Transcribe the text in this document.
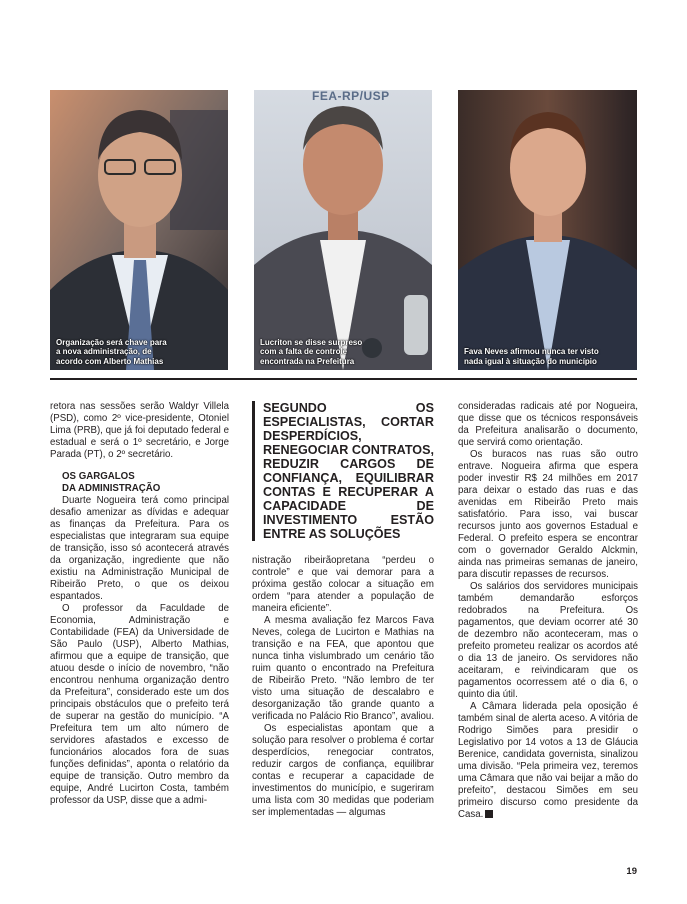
Organização será chave para
a nova administração, de
acordo com Alberto Mathias

FEA-RP/USP

Lucriton se disse surpreso
com a falta de controle
encontrada na Prefeitura

Fava Neves afirmou nunca ter visto
nada igual à situação do município

retora nas sessões serão Waldyr Villela (PSD), como 2º vice-presidente, Otoniel Lima (PRB), que já foi deputado federal e estadual e será o 1º secretário, e Jorge Parada (PT), o 2º secretário.

OS GARGALOS
DA ADMINISTRAÇÃO

Duarte Nogueira terá como principal desafio amenizar as dívidas e adequar as finanças da Prefeitura. Para os especialistas que integraram sua equipe de transição, isso só acontecerá através da organização, ingrediente que não existiu na Administração Municipal de Ribeirão Preto, o que os deixou espantados.

O professor da Faculdade de Economia, Administração e Contabilidade (FEA) da Universidade de São Paulo (USP), Alberto Mathias, afirmou que a equipe de transição, que atuou desde o início de novembro, “não encontrou nenhuma organização dentro da Prefeitura”, considerado este um dos principais obstáculos que o prefeito terá de superar na gestão do município. “A Prefeitura tem um alto número de servidores afastados e excesso de funcionários alocados fora de suas funções definidas”, aponta o relatório da equipe de transição. Outro membro da equipe, André Lucirton Costa, também professor da USP, disse que a admi-

SEGUNDO OS ESPECIALISTAS, CORTAR DESPERDÍCIOS, RENEGOCIAR CONTRATOS, REDUZIR CARGOS DE CONFIANÇA, EQUILIBRAR CONTAS E RECUPERAR A CAPACIDADE DE INVESTIMENTO ESTÃO ENTRE AS SOLUÇÕES

nistração ribeirãopretana “perdeu o controle” e que vai demorar para a próxima gestão colocar a situação em ordem “para atender a população de maneira eficiente”.

A mesma avaliação fez Marcos Fava Neves, colega de Lucirton e Mathias na transição e na FEA, que apontou que nunca tinha vislumbrado um cenário tão ruim quanto o encontrado na Prefeitura de Ribeirão Preto. “Não lembro de ter visto uma situação de descalabro e desorganização tão grande quanto a verificada no Palácio Rio Branco”, avaliou.

Os especialistas apontam que a solução para resolver o problema é cortar desperdícios, renegociar contratos, reduzir cargos de confiança, equilibrar contas e recuperar a capacidade de investimentos do município, e sugeriram uma lista com 30 medidas que poderiam ser implementadas — algumas

consideradas radicais até por Nogueira, que disse que os técnicos responsáveis da Prefeitura analisarão o documento, que servirá como orientação.

Os buracos nas ruas são outro entrave. Nogueira afirma que espera poder investir R$ 24 milhões em 2017 para deixar o estado das ruas e das avenidas em Ribeirão Preto mais satisfatório. Para isso, vai buscar recursos junto aos governos Estadual e Federal. O prefeito espera se encontrar com o governador Geraldo Alckmin, ainda nas primeiras semanas de janeiro, para discutir repasses de recursos.

Os salários dos servidores municipais também demandarão esforços redobrados na Prefeitura. Os pagamentos, que deviam ocorrer até 30 de dezembro não aconteceram, mas o prefeito prometeu realizar os acordos até o dia 13 de janeiro. Os servidores não aceitaram, e reivindicaram que os pagamentos ocorressem até o dia 6, o quinto dia útil.

A Câmara liderada pela oposição é também sinal de alerta aceso. A vitória de Rodrigo Simões para presidir o Legislativo por 14 votos a 13 de Gláucia Berenice, candidata governista, sinalizou uma divisão. “Pela primeira vez, teremos uma Câmara que não vai beijar a mão do prefeito”, destacou Simões em seu primeiro discurso como presidente da Casa.

19
